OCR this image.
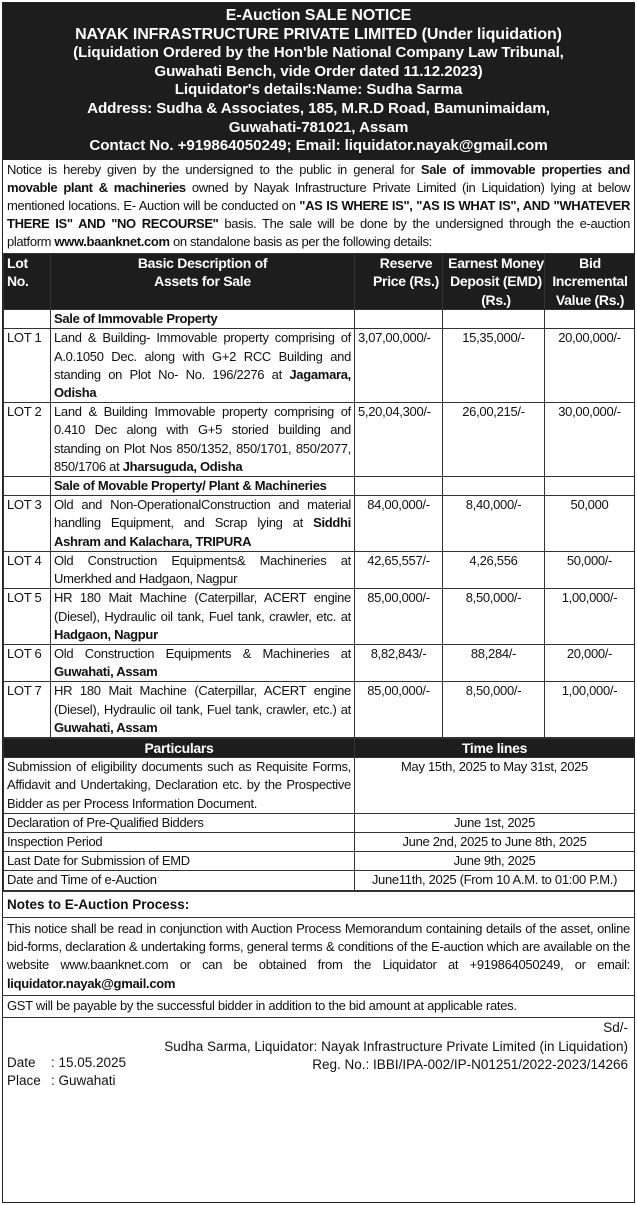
E-Auction SALE NOTICE
NAYAK INFRASTRUCTURE PRIVATE LIMITED (Under liquidation)
(Liquidation Ordered by the Hon'ble National Company Law Tribunal,
Guwahati Bench, vide Order dated 11.12.2023)
Liquidator's details:Name: Sudha Sarma
Address: Sudha & Associates, 185, M.R.D Road, Bamunimaidam,
Guwahati-781021, Assam
Contact No. +919864050249; Email: liquidator.nayak@gmail.com
Notice is hereby given by the undersigned to the public in general for Sale of immovable properties and movable plant & machineries owned by Nayak Infrastructure Private Limited (in Liquidation) lying at below mentioned locations. E- Auction will be conducted on "AS IS WHERE IS", "AS IS WHAT IS", AND "WHATEVER THERE IS" AND "NO RECOURSE" basis. The sale will be done by the undersigned through the e-auction platform www.baanknet.com on standalone basis as per the following details:
Lot No.	Basic Description of Assets for Sale	Reserve Price (Rs.)	Earnest Money Deposit (EMD) (Rs.)	Bid Incremental Value (Rs.)

	Sale of Immovable Property			
LOT 1	Land & Building- Immovable property comprising of A.0.1050 Dec. along with G+2 RCC Building and standing on Plot No- No. 196/2276 at Jagamara, Odisha	3,07,00,000/-	15,35,000/-	20,00,000/-
LOT 2	Land & Building Immovable property comprising of 0.410 Dec along with G+5 storied building and standing on Plot Nos 850/1352, 850/1701, 850/2077, 850/1706 at Jharsuguda, Odisha	5,20,04,300/-	26,00,215/-	30,00,000/-
	Sale of Movable Property/ Plant & Machineries			
LOT 3	Old and Non-OperationalConstruction and material handling Equipment, and Scrap lying at Siddhi Ashram and Kalachara, TRIPURA	84,00,000/-	8,40,000/-	50,000
LOT 4	Old Construction Equipments& Machineries at Umerkhed and Hadgaon, Nagpur	42,65,557/-	4,26,556	50,000/-
LOT 5	HR 180 Mait Machine (Caterpillar, ACERT engine (Diesel), Hydraulic oil tank, Fuel tank, crawler, etc. at Hadgaon, Nagpur	85,00,000/-	8,50,000/-	1,00,000/-
LOT 6	Old Construction Equipments & Machineries at Guwahati, Assam	8,82,843/-	88,284/-	20,000/-
LOT 7	HR 180 Mait Machine (Caterpillar, ACERT engine (Diesel), Hydraulic oil tank, Fuel tank, crawler, etc.) at Guwahati, Assam	85,00,000/-	8,50,000/-	1,00,000/-
Particulars	Time lines
Submission of eligibility documents such as Requisite Forms, Affidavit and Undertaking, Declaration etc. by the Prospective Bidder as per Process Information Document.	May 15th, 2025 to May 31st, 2025
Declaration of Pre-Qualified Bidders	June 1st, 2025
Inspection Period	June 2nd, 2025 to June 8th, 2025
Last Date for Submission of EMD	June 9th, 2025
Date and Time of e-Auction	June11th, 2025 (From 10 A.M. to 01:00 P.M.)
Notes to E-Auction Process:
This notice shall be read in conjunction with Auction Process Memorandum containing details of the asset, online bid-forms, declaration & undertaking forms, general terms & conditions of the E-auction which are available on the website www.baanknet.com or can be obtained from the Liquidator at +919864050249, or email: liquidator.nayak@gmail.com
GST will be payable by the successful bidder in addition to the bid amount at applicable rates.
Sd/-
Date	: 15.05.2025
Place : Guwahati
Sudha Sarma, Liquidator: Nayak Infrastructure Private Limited (in Liquidation)
Reg. No.: IBBI/IPA-002/IP-N01251/2022-2023/14266
